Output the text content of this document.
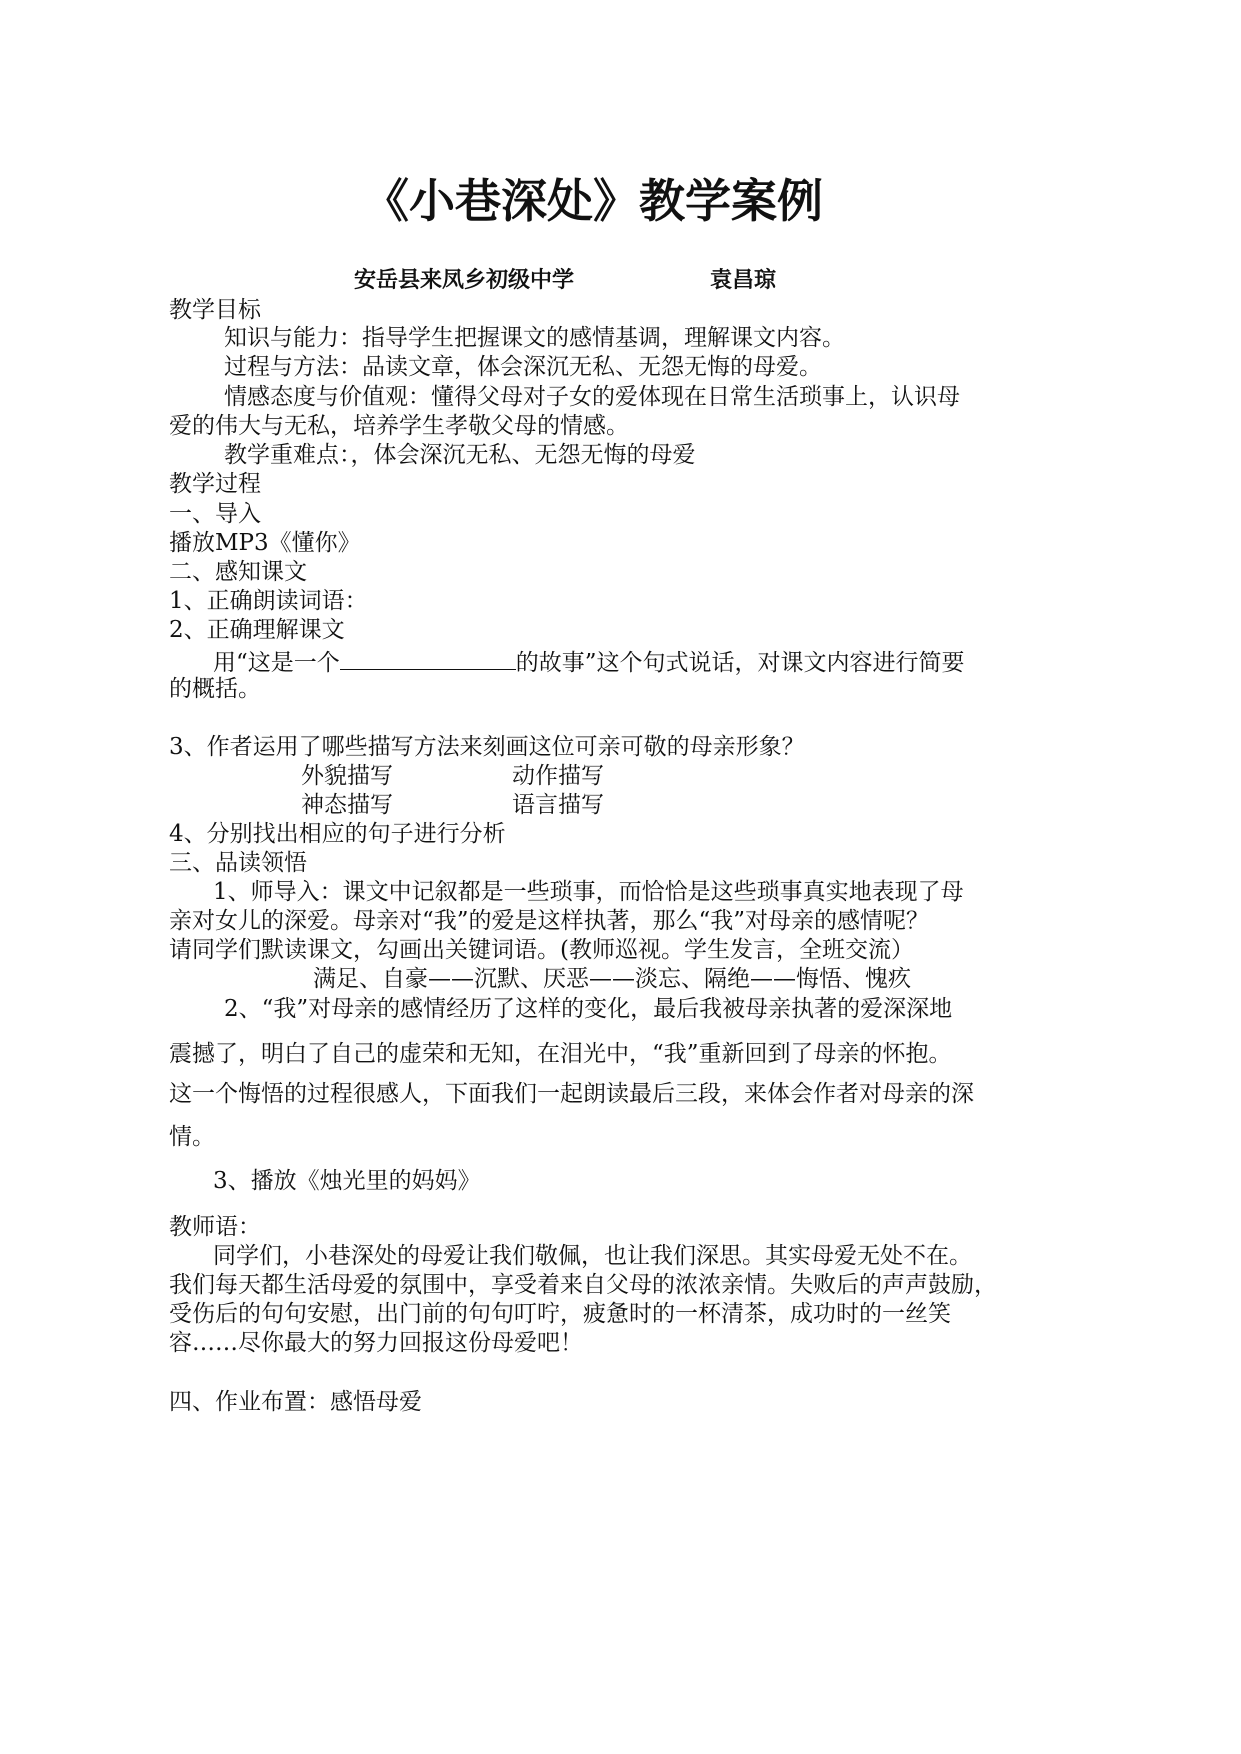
《小巷深处》教学案例
安岳县来凤乡初级中学	袁昌琼
教学目标
知识与能力：指导学生把握课文的感情基调，理解课文内容。
过程与方法：品读文章，体会深沉无私、无怨无悔的母爱。
情感态度与价值观：懂得父母对子女的爱体现在日常生活琐事上，认识母
爱的伟大与无私，培养学生孝敬父母的情感。
教学重难点：，体会深沉无私、无怨无悔的母爱
教学过程
一、导入
播放MP3《懂你》
二、感知课文
1、正确朗读词语：
2、正确理解课文
用“这是一个	的故事”这个句式说话，对课文内容进行简要
的概括。
3、作者运用了哪些描写方法来刻画这位可亲可敬的母亲形象？
外貌描写	动作描写
神态描写	语言描写
4、分别找出相应的句子进行分析
三、品读领悟
1、师导入：课文中记叙都是一些琐事，而恰恰是这些琐事真实地表现了母
亲对女儿的深爱。母亲对“我”的爱是这样执著，那么“我”对母亲的感情呢？
请同学们默读课文，勾画出关键词语。(教师巡视。学生发言，全班交流）
满足、自豪——沉默、厌恶——淡忘、隔绝——悔悟、愧疚
2、“我”对母亲的感情经历了这样的变化，最后我被母亲执著的爱深深地
震撼了，明白了自己的虚荣和无知，在泪光中，“我”重新回到了母亲的怀抱。
这一个悔悟的过程很感人，下面我们一起朗读最后三段，来体会作者对母亲的深
情。
3、播放《烛光里的妈妈》
教师语：
同学们，小巷深处的母爱让我们敬佩，也让我们深思。其实母爱无处不在。
我们每天都生活母爱的氛围中，享受着来自父母的浓浓亲情。失败后的声声鼓励，
受伤后的句句安慰，出门前的句句叮咛，疲惫时的一杯清茶，成功时的一丝笑
容……尽你最大的努力回报这份母爱吧！
四、作业布置：感悟母爱
